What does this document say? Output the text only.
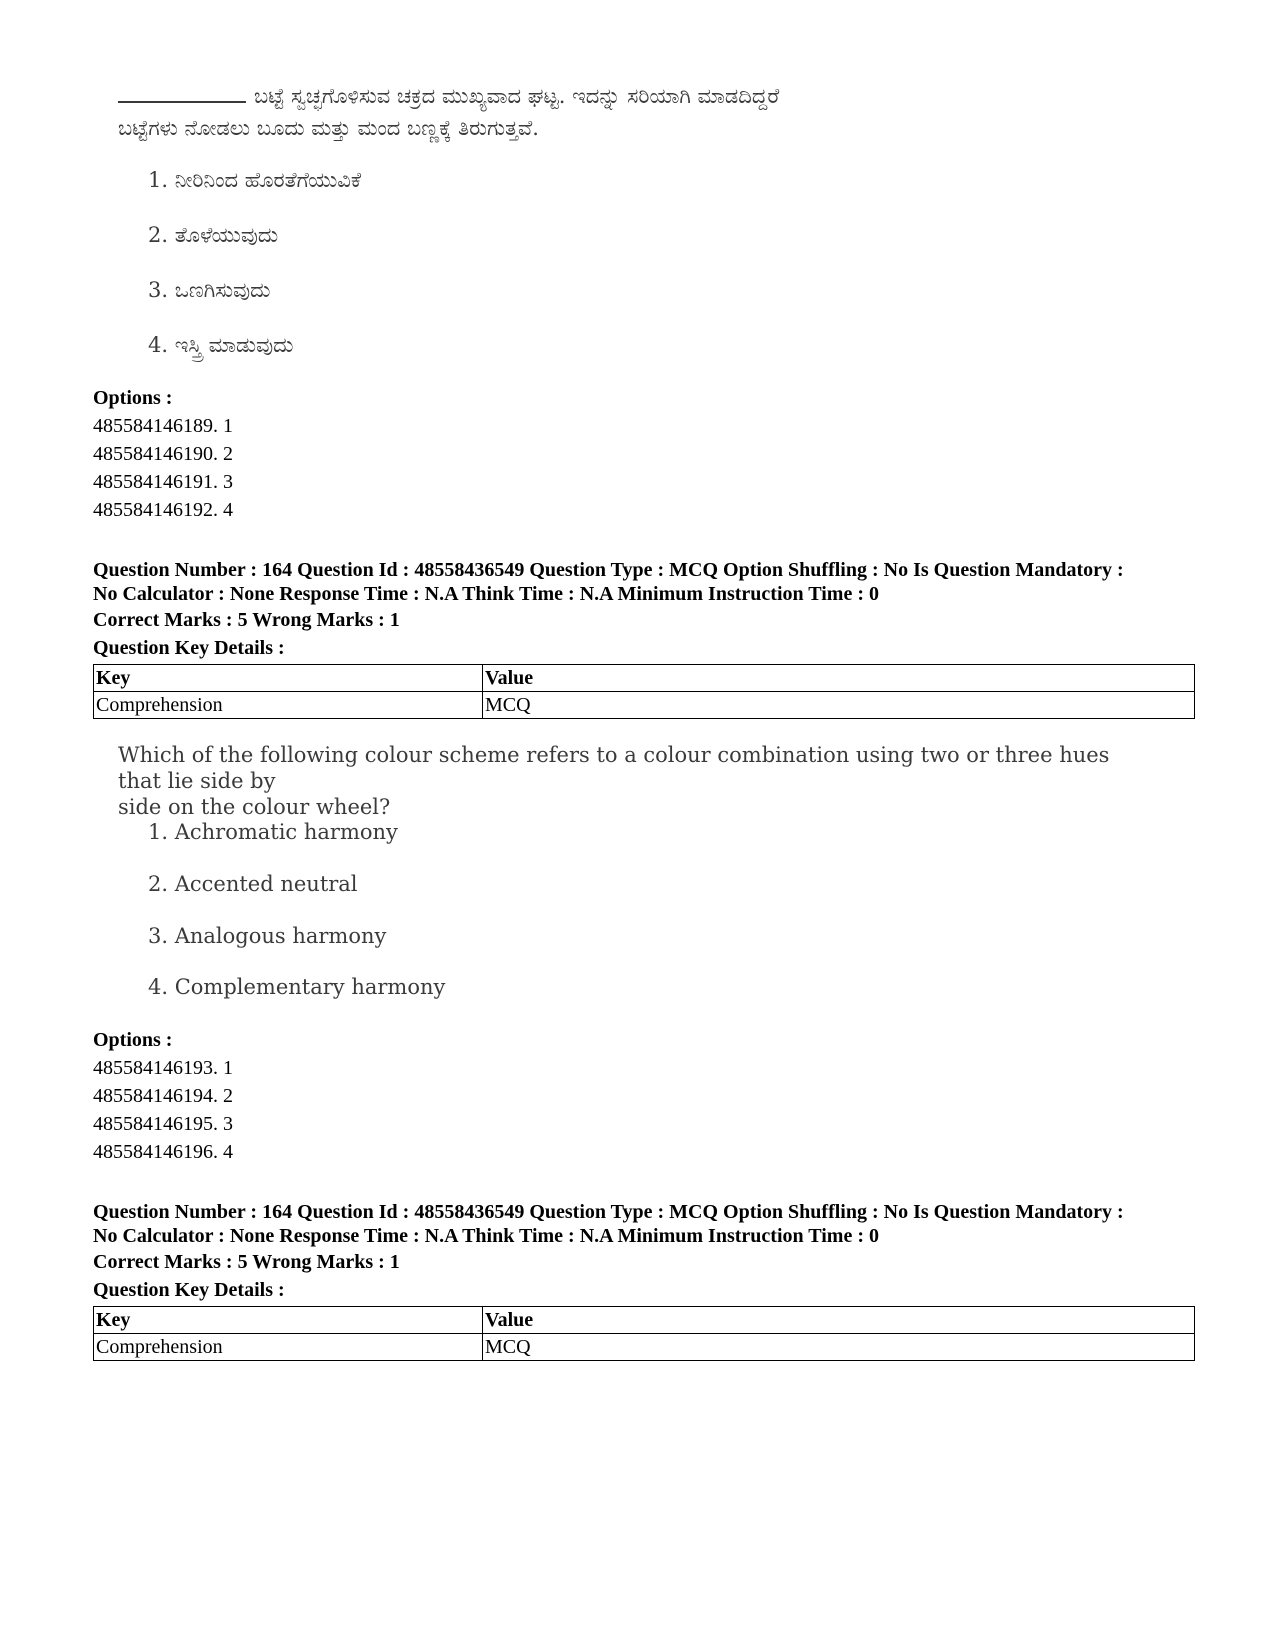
ಬಟ್ಟೆ ಸ್ವಚ್ಛಗೊಳಿಸುವ ಚಕ್ರದ ಮುಖ್ಯವಾದ ಘಟ್ಟ. ಇದನ್ನು ಸರಿಯಾಗಿ ಮಾಡದಿದ್ದರೆ
ಬಟ್ಟೆಗಳು ನೋಡಲು ಬೂದು ಮತ್ತು ಮಂದ ಬಣ್ಣಕ್ಕೆ ತಿರುಗುತ್ತವೆ.

1. ನೀರಿನಿಂದ ಹೊರತೆಗೆಯುವಿಕೆ
2. ತೊಳೆಯುವುದು
3. ಒಣಗಿಸುವುದು
4. ಇಸ್ತ್ರಿ ಮಾಡುವುದು
Options :
485584146189. 1
485584146190. 2
485584146191. 3
485584146192. 4
Question Number : 164 Question Id : 48558436549 Question Type : MCQ Option Shuffling : No Is Question Mandatory :
No Calculator : None Response Time : N.A Think Time : N.A Minimum Instruction Time : 0
Correct Marks : 5 Wrong Marks : 1
Question Key Details :
Key	Value
Comprehension	MCQ

Which of the following colour scheme refers to a colour combination using two or three hues that lie side by
side on the colour wheel?

1. Achromatic harmony
2. Accented neutral
3. Analogous harmony
4. Complementary harmony
Options :
485584146193. 1
485584146194. 2
485584146195. 3
485584146196. 4
Question Number : 164 Question Id : 48558436549 Question Type : MCQ Option Shuffling : No Is Question Mandatory :
No Calculator : None Response Time : N.A Think Time : N.A Minimum Instruction Time : 0
Correct Marks : 5 Wrong Marks : 1
Question Key Details :
Key	Value
Comprehension	MCQ
